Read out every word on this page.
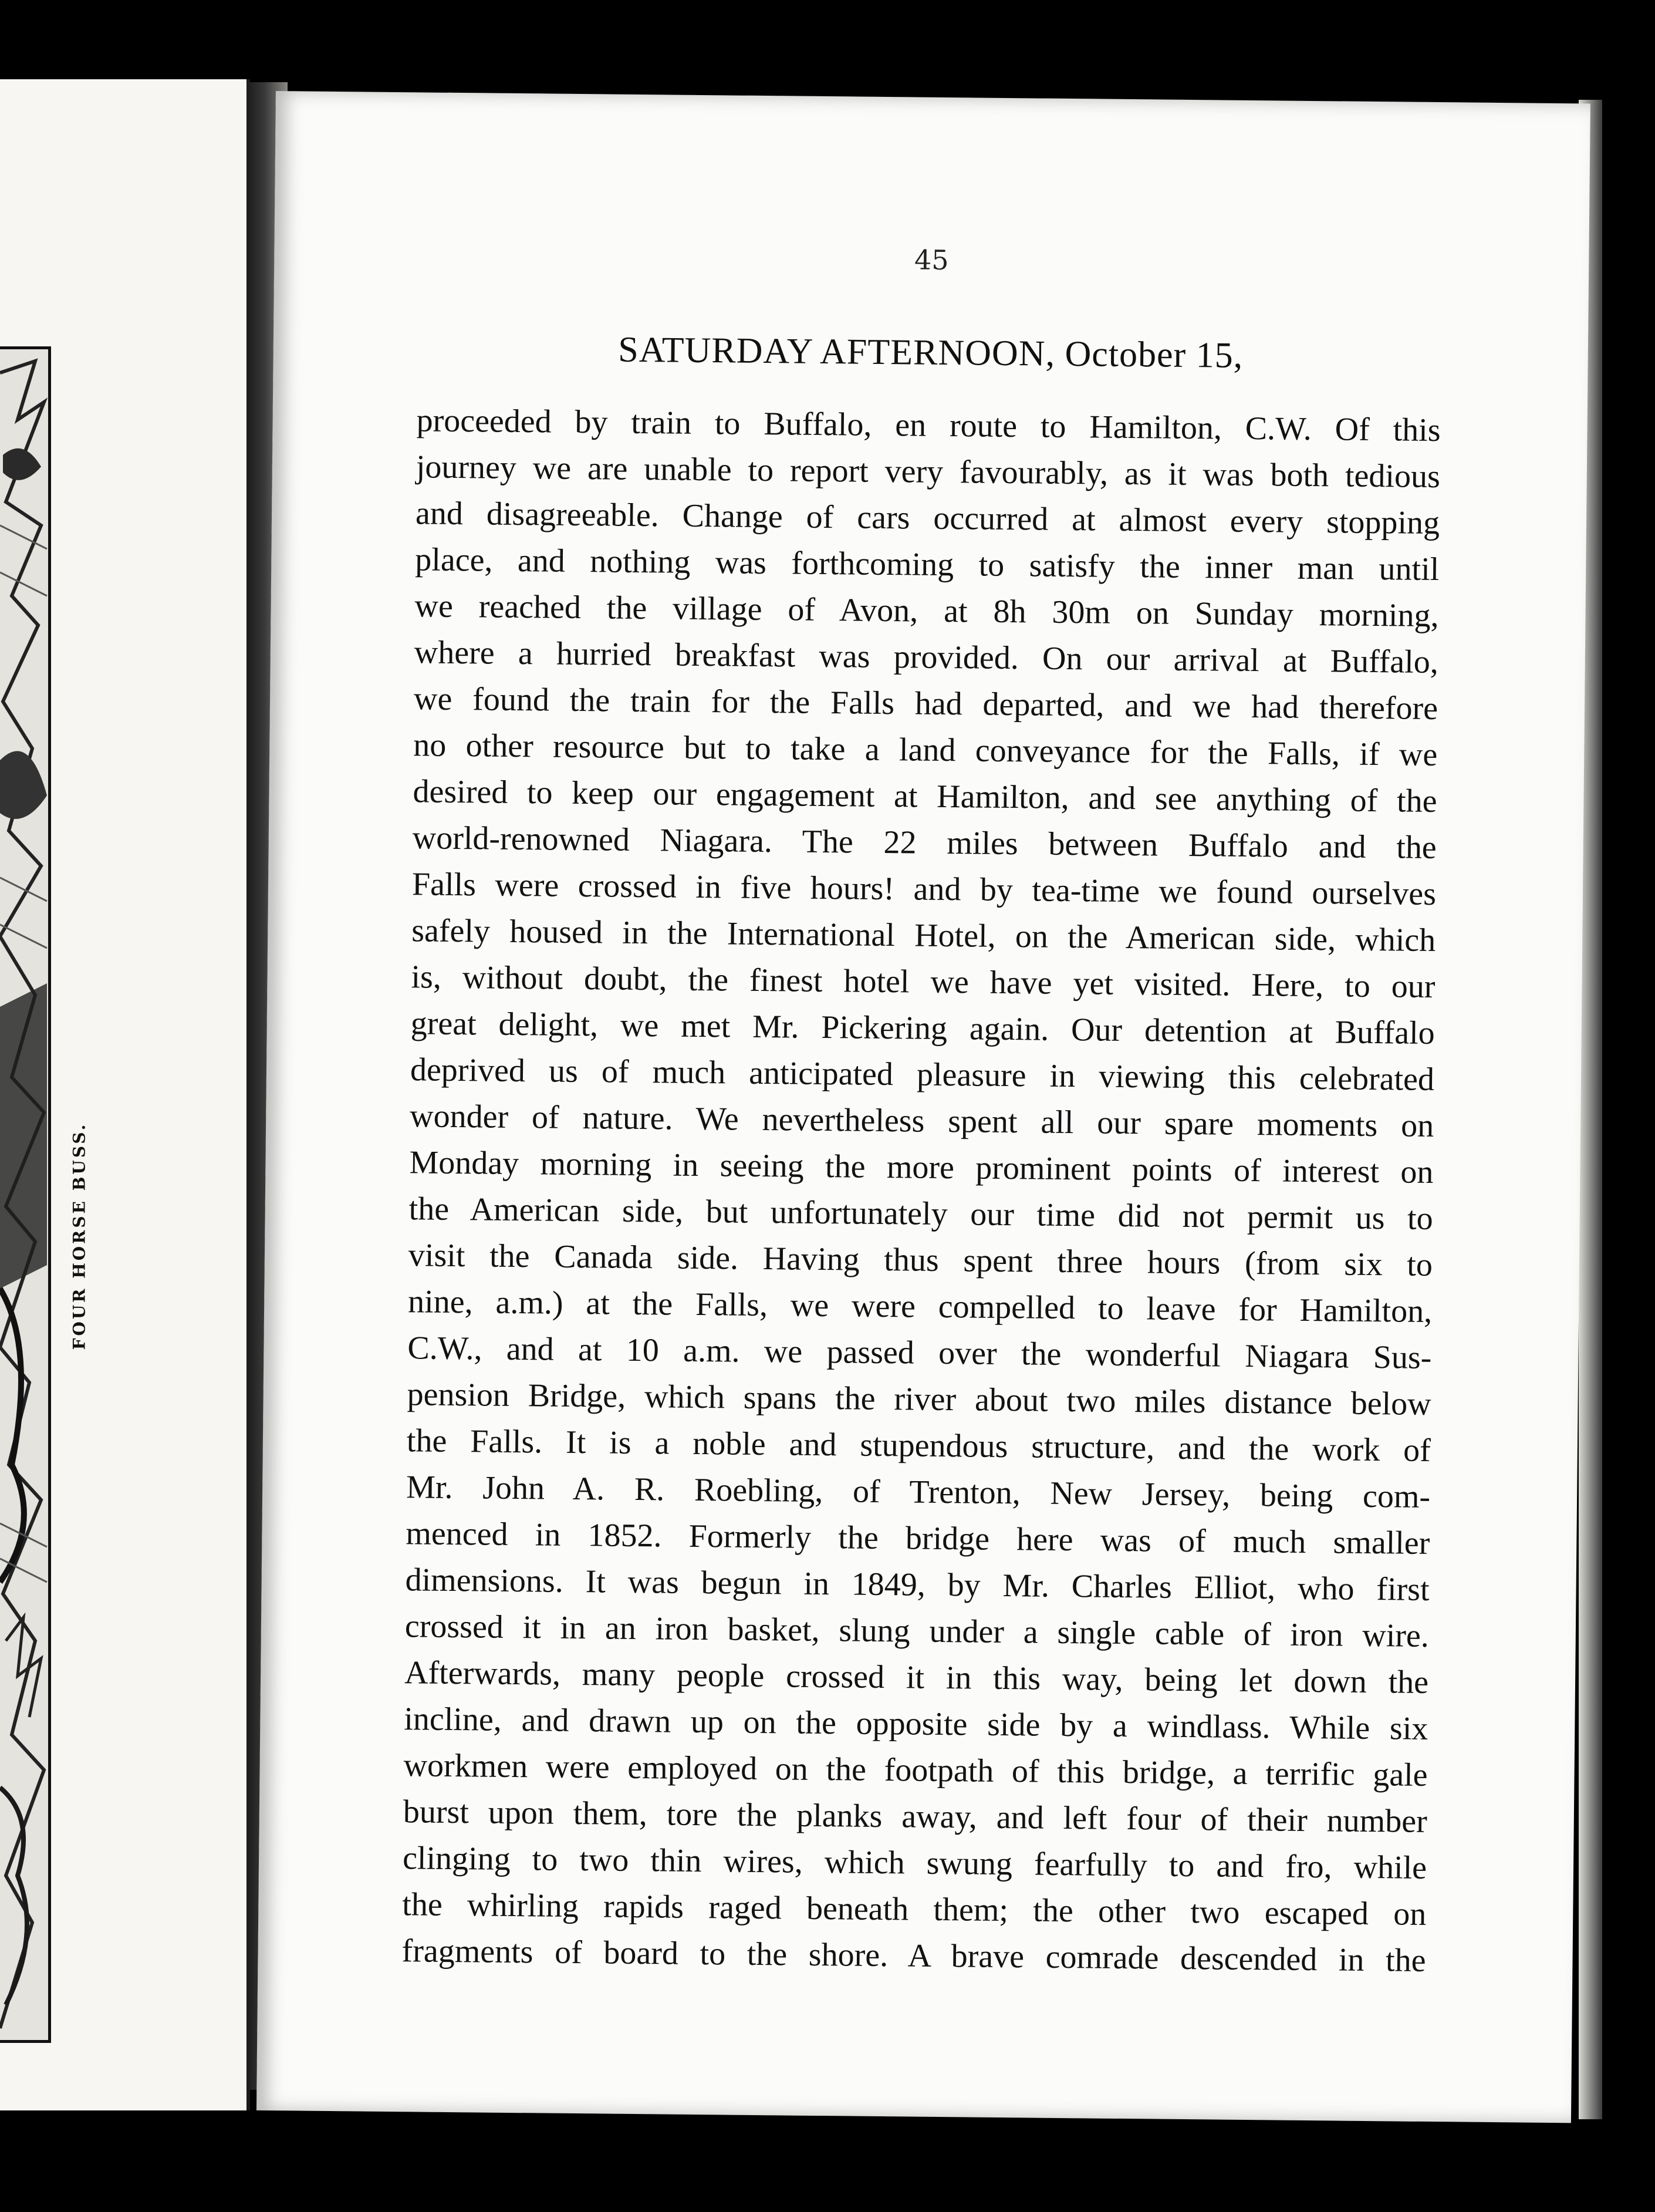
FOUR HORSE BUSS.
45
SATURDAY AFTERNOON, October 15,
proceeded by train to Buffalo, en route to Hamilton, C.W. Of this
journey we are unable to report very favourably, as it was both tedious
and disagreeable. Change of cars occurred at almost every stopping
place, and nothing was forthcoming to satisfy the inner man until
we reached the village of Avon, at 8h 30m on Sunday morning,
where a hurried breakfast was provided. On our arrival at Buffalo,
we found the train for the Falls had departed, and we had therefore
no other resource but to take a land conveyance for the Falls, if we
desired to keep our engagement at Hamilton, and see anything of the
world-renowned Niagara. The 22 miles between Buffalo and the
Falls were crossed in five hours! and by tea-time we found ourselves
safely housed in the International Hotel, on the American side, which
is, without doubt, the finest hotel we have yet visited. Here, to our
great delight, we met Mr. Pickering again. Our detention at Buffalo
deprived us of much anticipated pleasure in viewing this celebrated
wonder of nature. We nevertheless spent all our spare moments on
Monday morning in seeing the more prominent points of interest on
the American side, but unfortunately our time did not permit us to
visit the Canada side. Having thus spent three hours (from six to
nine, a.m.) at the Falls, we were compelled to leave for Hamilton,
C.W., and at 10 a.m. we passed over the wonderful Niagara Sus-
pension Bridge, which spans the river about two miles distance below
the Falls. It is a noble and stupendous structure, and the work of
Mr. John A. R. Roebling, of Trenton, New Jersey, being com-
menced in 1852. Formerly the bridge here was of much smaller
dimensions. It was begun in 1849, by Mr. Charles Elliot, who first
crossed it in an iron basket, slung under a single cable of iron wire.
Afterwards, many people crossed it in this way, being let down the
incline, and drawn up on the opposite side by a windlass. While six
workmen were employed on the footpath of this bridge, a terrific gale
burst upon them, tore the planks away, and left four of their number
clinging to two thin wires, which swung fearfully to and fro, while
the whirling rapids raged beneath them; the other two escaped on
fragments of board to the shore. A brave comrade descended in the
